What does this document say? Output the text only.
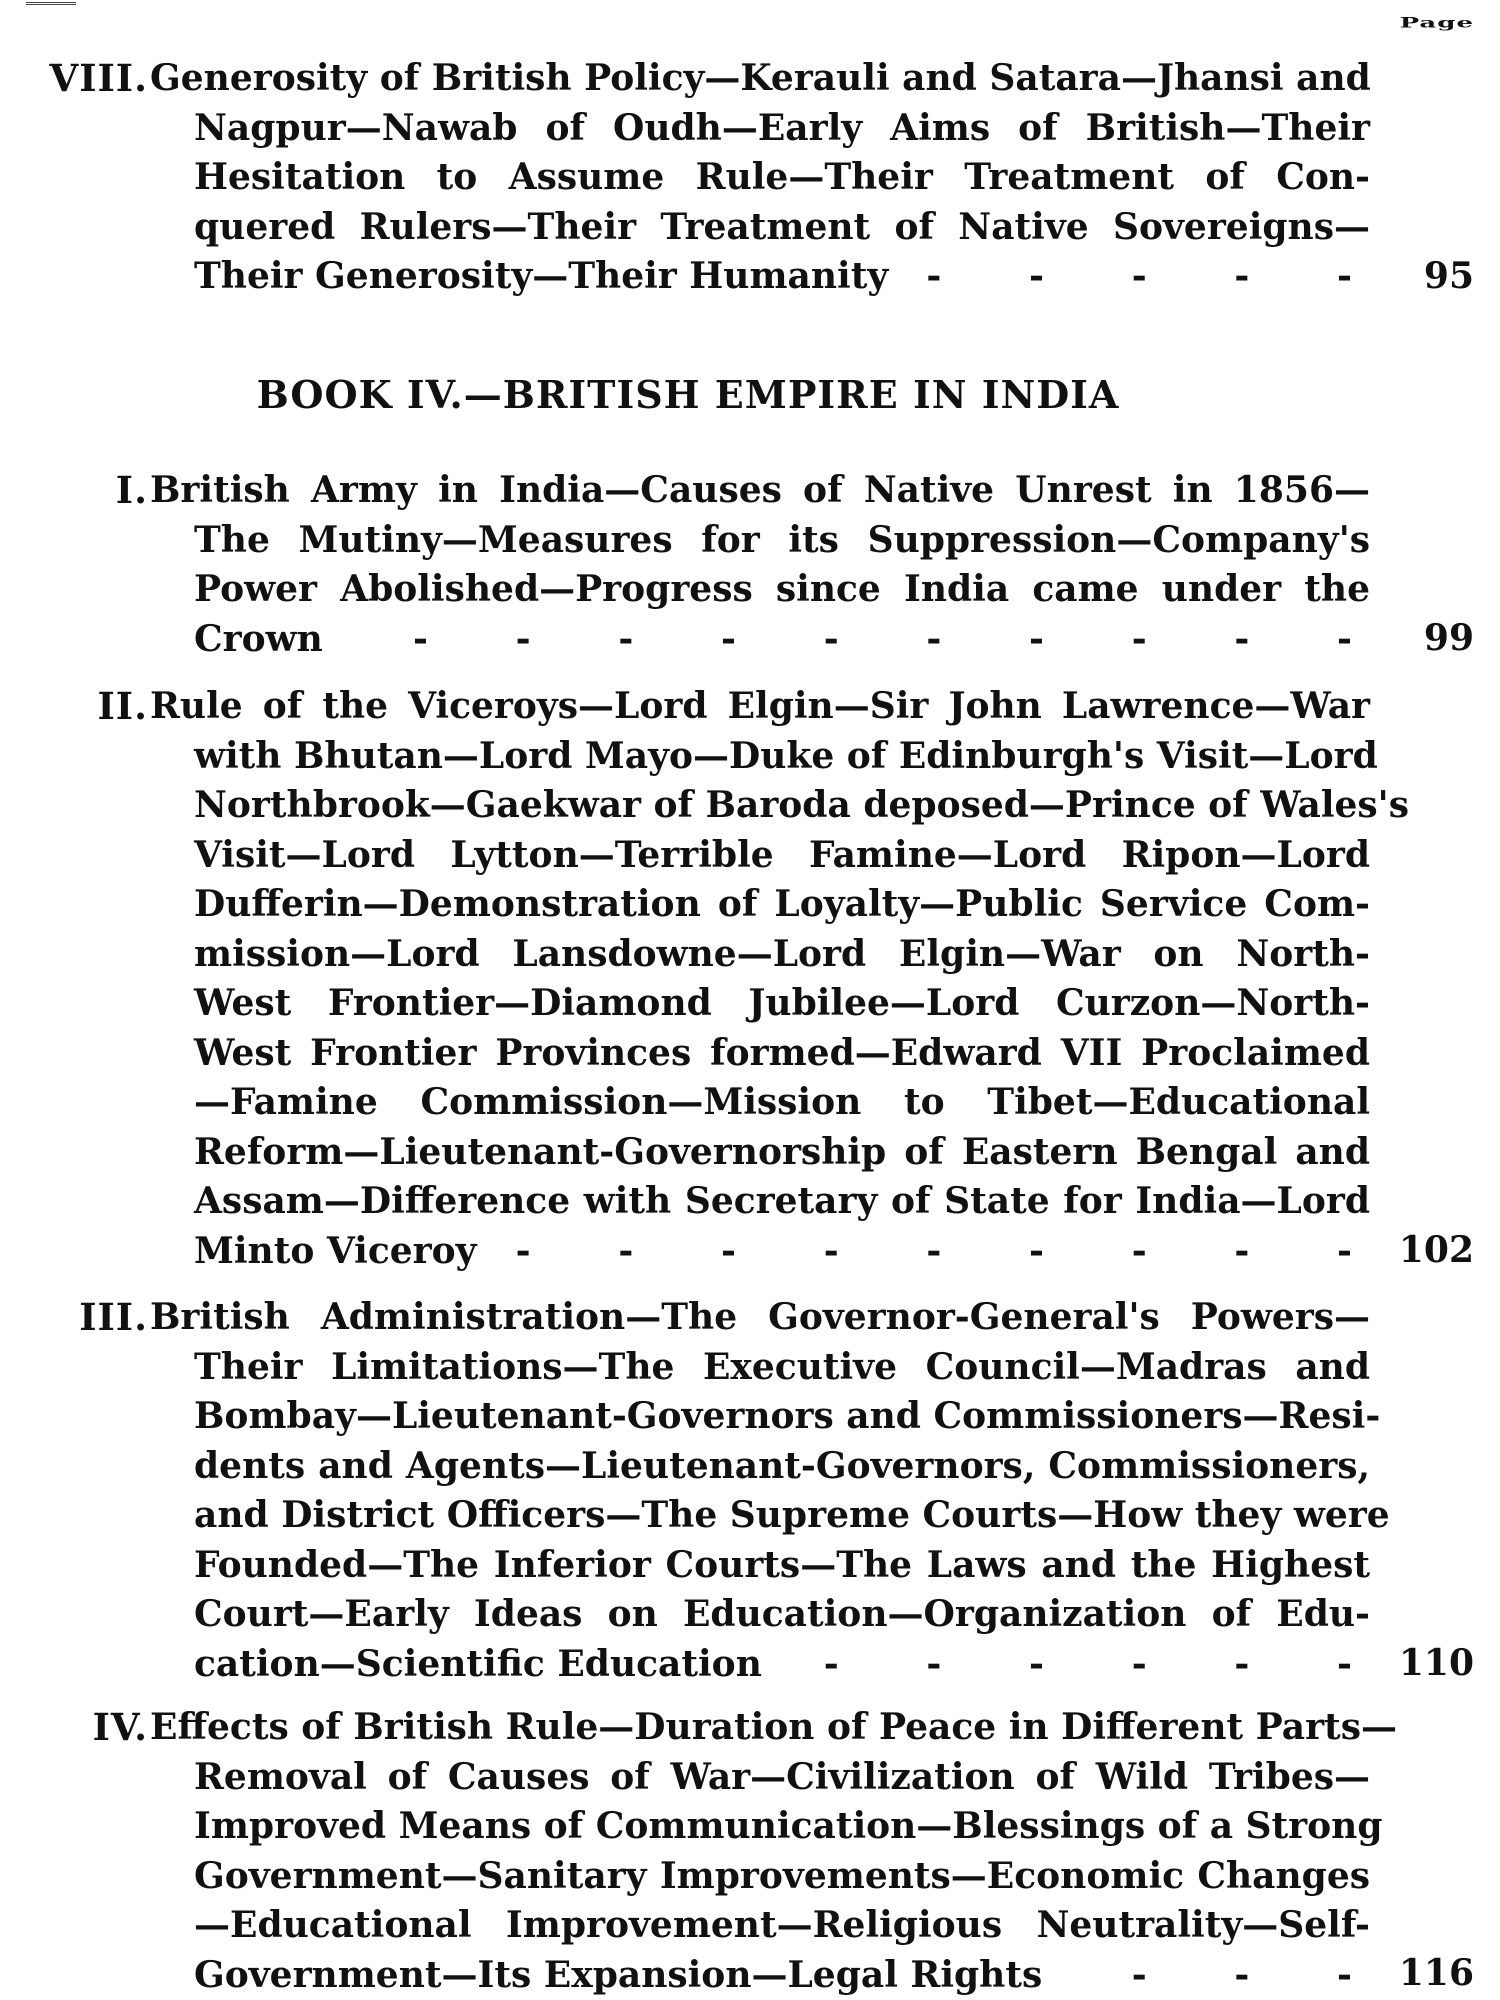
Page
VIII. Generosity of British Policy—Kerauli and Satara—Jhansi and
Nagpur—Nawab of Oudh—Early Aims of British—Their
Hesitation to Assume Rule—Their Treatment of Con-
quered Rulers—Their Treatment of Native Sovereigns—
Their Generosity—Their Humanity -	95
BOOK IV.—BRITISH EMPIRE IN INDIA
I. British Army in India—Causes of Native Unrest in 1856—
The Mutiny—Measures for its Suppression—Company's
Power Abolished—Progress since India came under the
Crown -	99
II. Rule of the Viceroys—Lord Elgin—Sir John Lawrence—War
with Bhutan—Lord Mayo—Duke of Edinburgh's Visit—Lord
Northbrook—Gaekwar of Baroda deposed—Prince of Wales's
Visit—Lord Lytton—Terrible Famine—Lord Ripon—Lord
Dufferin—Demonstration of Loyalty—Public Service Com-
mission—Lord Lansdowne—Lord Elgin—War on North-
West Frontier—Diamond Jubilee—Lord Curzon—North-
West Frontier Provinces formed—Edward VII Proclaimed
—Famine Commission—Mission to Tibet—Educational
Reform—Lieutenant-Governorship of Eastern Bengal and
Assam—Difference with Secretary of State for India—Lord
Minto Viceroy -	102
III. British Administration—The Governor-General's Powers—
Their Limitations—The Executive Council—Madras and
Bombay—Lieutenant-Governors and Commissioners—Resi-
dents and Agents—Lieutenant-Governors, Commissioners,
and District Officers—The Supreme Courts—How they were
Founded—The Inferior Courts—The Laws and the Highest
Court—Early Ideas on Education—Organization of Edu-
cation—Scientific Education -	110
IV. Effects of British Rule—Duration of Peace in Different Parts—
Removal of Causes of War—Civilization of Wild Tribes—
Improved Means of Communication—Blessings of a Strong
Government—Sanitary Improvements—Economic Changes
—Educational Improvement—Religious Neutrality—Self-
Government—Its Expansion—Legal Rights -	116
